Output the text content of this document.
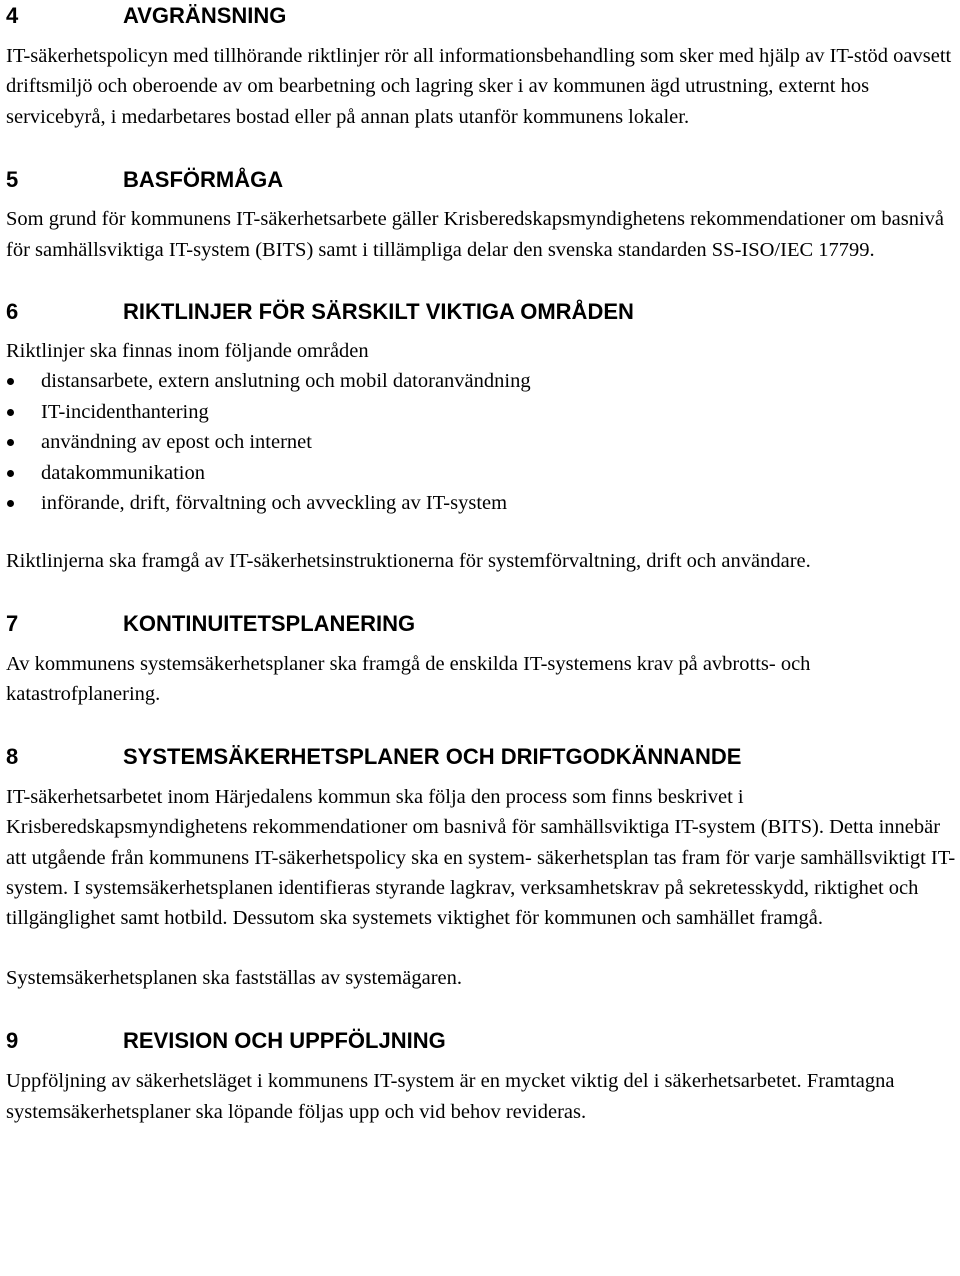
4	AVGRÄNSNING

IT-säkerhetspolicyn med tillhörande riktlinjer rör all informationsbehandling som sker med hjälp av IT-stöd oavsett driftsmiljö och oberoende av om bearbetning och lagring sker i av kommunen ägd utrustning, externt hos servicebyrå, i medarbetares bostad eller på annan plats utanför kommunens lokaler.

5	BASFÖRMÅGA

Som grund för kommunens IT-säkerhetsarbete gäller Krisberedskapsmyndighetens rekommendationer om basnivå för samhällsviktiga IT-system (BITS) samt i tillämpliga delar den svenska standarden SS-ISO/IEC 17799.

6	RIKTLINJER FÖR SÄRSKILT VIKTIGA OMRÅDEN

Riktlinjer ska finnas inom följande områden

distansarbete, extern anslutning och mobil datoranvändning
IT-incidenthantering
användning av epost och internet
datakommunikation
införande, drift, förvaltning och avveckling av IT-system

Riktlinjerna ska framgå av IT-säkerhetsinstruktionerna för systemförvaltning, drift och användare.

7	KONTINUITETSPLANERING

Av kommunens systemsäkerhetsplaner ska framgå de enskilda IT-systemens krav på avbrotts- och katastrofplanering.

8	SYSTEMSÄKERHETSPLANER OCH DRIFTGODKÄNNANDE

IT-säkerhetsarbetet inom Härjedalens kommun ska följa den process som finns beskrivet i Krisberedskapsmyndighetens rekommendationer om basnivå för samhällsviktiga IT-system (BITS). Detta innebär att utgående från kommunens IT-säkerhetspolicy ska en system- säkerhetsplan tas fram för varje samhällsviktigt IT-system. I systemsäkerhetsplanen identifieras styrande lagkrav, verksamhetskrav på sekretesskydd, riktighet och tillgänglighet samt hotbild. Dessutom ska systemets viktighet för kommunen och samhället framgå.

Systemsäkerhetsplanen ska fastställas av systemägaren.

9	REVISION OCH UPPFÖLJNING

Uppföljning av säkerhetsläget i kommunens IT-system är en mycket viktig del i säkerhetsarbetet. Framtagna systemsäkerhetsplaner ska löpande följas upp och vid behov revideras.
